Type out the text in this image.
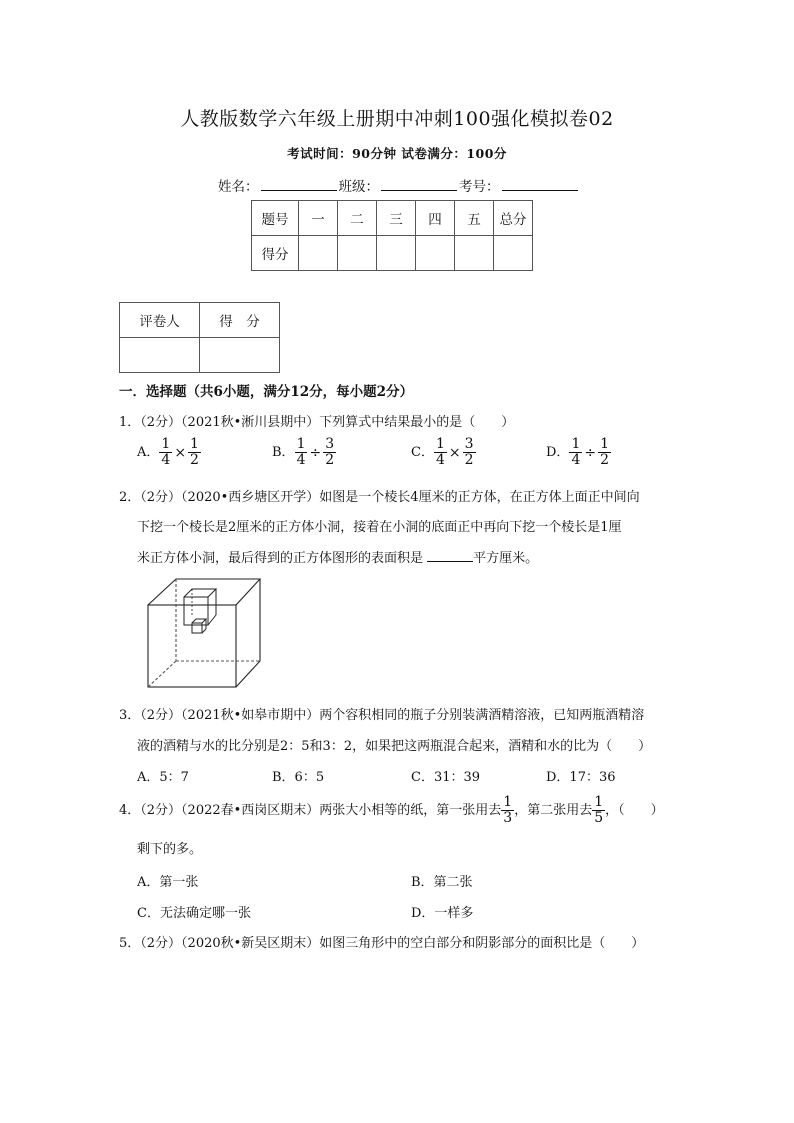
人教版数学六年级上册期中冲刺100强化模拟卷02
考试时间：90分钟 试卷满分：100分
姓名：	班级：	考号：
题号	一	二	三	四	五	总分
得分						
评卷人	得　分

一．选择题（共6小题，满分12分，每小题2分）
1．（2分）（2021秋•淅川县期中）下列算式中结果最小的是（　　）
A． $\frac{1}{4} \times \frac{1}{2}$	B． $\frac{1}{4} \div \frac{3}{2}$	C． $\frac{1}{4} \times \frac{3}{2}$	D． $\frac{1}{4} \div \frac{1}{2}$
2．（2分）（2020•西乡塘区开学）如图是一个棱长4厘米的正方体，在正方体上面正中间向
下挖一个棱长是2厘米的正方体小洞，接着在小洞的底面正中再向下挖一个棱长是1厘
米正方体小洞，最后得到的正方体图形的表面积是	平方厘米。
3．（2分）（2021秋•如皋市期中）两个容积相同的瓶子分别装满酒精溶液，已知两瓶酒精溶
液的酒精与水的比分别是2：5和3：2，如果把这两瓶混合起来，酒精和水的比为（　　）
A．5：7	B．6：5	C．31：39	D．17：36
4．（2分）（2022春•西岗区期末）两张大小相等的纸，第一张用去 $\frac{1}{3}$ ，第二张用去 $\frac{1}{5}$ ，（　　）
剩下的多。
A．第一张	B．第二张
C．无法确定哪一张	D．一样多
5．（2分）（2020秋•新吴区期末）如图三角形中的空白部分和阴影部分的面积比是（　　）
